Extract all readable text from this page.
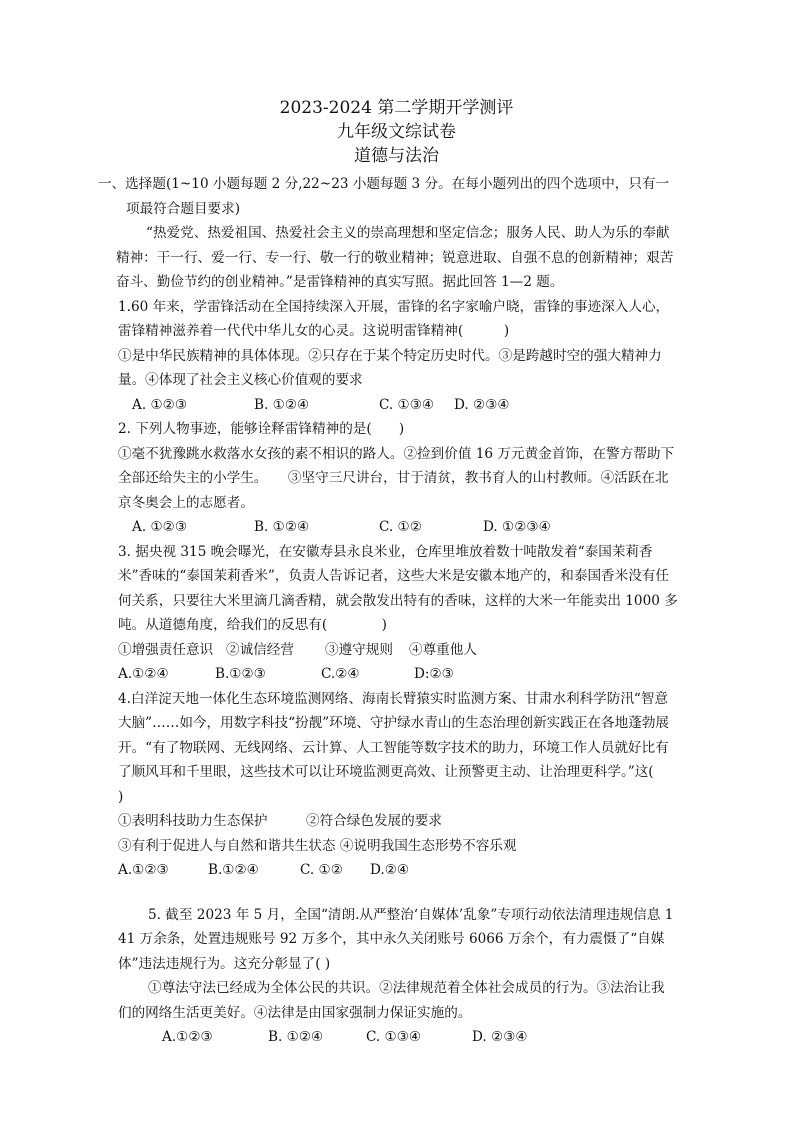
2023-2024 第二学期开学测评
九年级文综试卷
道德与法治

一、选择题(1~10 小题每题 2 分,22~23 小题每题 3 分。在每小题列出的四个选项中，只有一项最符合题目要求)

“热爱党、热爱祖国、热爱社会主义的崇高理想和坚定信念；服务人民、助人为乐的奉献精神：干一行、爱一行、专一行、敬一行的敬业精神；锐意进取、自强不息的创新精神；艰苦奋斗、勤俭节约的创业精神。”是雷锋精神的真实写照。据此回答 1—2 题。

1.60 年来，学雷锋活动在全国持续深入开展，雷锋的名字家喻户晓，雷锋的事迹深入人心，雷锋精神滋养着一代代中华儿女的心灵。这说明雷锋精神(　　　)

①是中华民族精神的具体体现。②只存在于某个特定历史时代。③是跨越时空的强大精神力量。④体现了社会主义核心价值观的要求

A. ①②③	B. ①②④	C. ①③④ D. ②③④

2. 下列人物事迹，能够诠释雷锋精神的是(　　)

①毫不犹豫跳水救落水女孩的素不相识的路人。②捡到价值 16 万元黄金首饰，在警方帮助下全部还给失主的小学生。　　③坚守三尺讲台，甘于清贫，教书育人的山村教师。④活跃在北京冬奥会上的志愿者。

A. ①②③	B. ①②④	C. ①②	D. ①②③④

3. 据央视 315 晚会曝光，在安徽寿县永良米业，仓库里堆放着数十吨散发着“泰国茉莉香米”香味的“泰国茉莉香米”，负责人告诉记者，这些大米是安徽本地产的，和泰国香米没有任何关系，只要往大米里滴几滴香精，就会散发出特有的香味，这样的大米一年能卖出 1000 多吨。从道德角度，给我们的反思有(　　　　)

①增强责任意识 ②诚信经营 ③遵守规则 ④尊重他人
A.①②④	B.①②③	C.②④	D:②③

4.白洋淀天地一体化生态环境监测网络、海南长臂猿实时监测方案、甘肃水利科学防汛“智意大脑”……如今，用数字科技“扮靓”环境、守护绿水青山的生态治理创新实践正在各地蓬勃展开。“有了物联网、无线网络、云计算、人工智能等数字技术的助力，环境工作人员就好比有了顺风耳和千里眼，这些技术可以让环境监测更高效、让预警更主动、让治理更科学。”这(　　)

①表明科技助力生态保护	②符合绿色发展的要求

③有利于促进人与自然和谐共生状态 ④说明我国生态形势不容乐观

A.①②③	B.①②④	C. ①② D.②④

5. 截至 2023 年 5 月，全国“清朗.从严整治‘自媒体’乱象”专项行动依法清理违规信息 141 万余条，处置违规账号 92 万多个，其中永久关闭账号 6066 万余个，有力震慑了“自媒体”违法违规行为。这充分彰显了( )

①尊法守法已经成为全体公民的共识。②法律规范着全体社会成员的行为。③法治让我们的网络生活更美好。④法律是由国家强制力保证实施的。

A.①②③	B. ①②④	C. ①③④	D. ②③④
